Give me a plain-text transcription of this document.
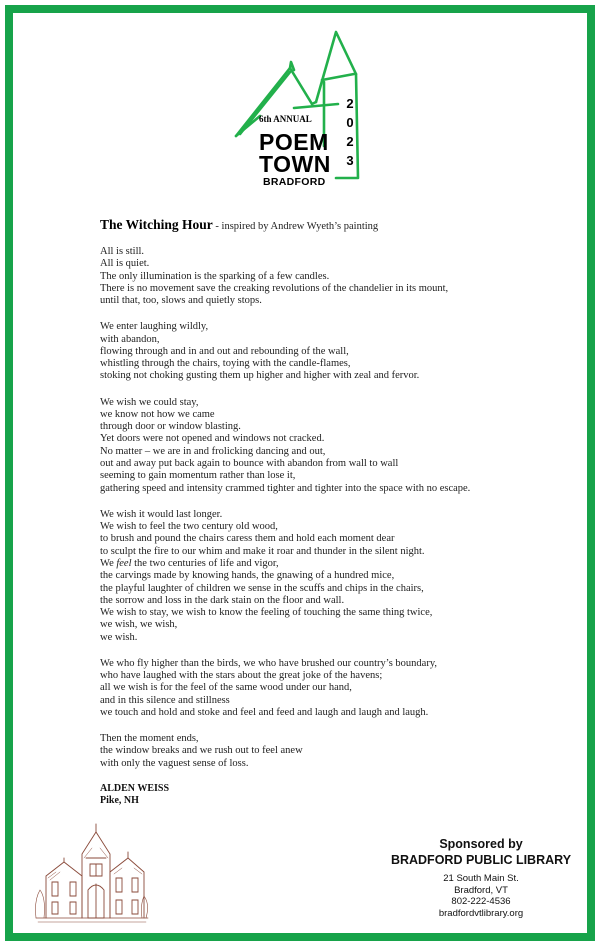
6th ANNUAL
POEM
TOWN
BRADFORD
2
0
2
3
The Witching Hour - inspired by Andrew Wyeth’s painting
All is still.
All is quiet.
The only illumination is the sparking of a few candles.
There is no movement save the creaking revolutions of the chandelier in its mount,
until that, too, slows and quietly stops.
We enter laughing wildly,
with abandon,
flowing through and in and out and rebounding of the wall,
whistling through the chairs, toying with the candle-flames,
stoking not choking gusting them up higher and higher with zeal and fervor.
We wish we could stay,
we know not how we came
through door or window blasting.
Yet doors were not opened and windows not cracked.
No matter – we are in and frolicking dancing and out,
out and away put back again to bounce with abandon from wall to wall
seeming to gain momentum rather than lose it,
gathering speed and intensity crammed tighter and tighter into the space with no escape.
We wish it would last longer.
We wish to feel the two century old wood,
to brush and pound the chairs caress them and hold each moment dear
to sculpt the fire to our whim and make it roar and thunder in the silent night.
We feel the two centuries of life and vigor,
the carvings made by knowing hands, the gnawing of a hundred mice,
the playful laughter of children we sense in the scuffs and chips in the chairs,
the sorrow and loss in the dark stain on the floor and wall.
We wish to stay, we wish to know the feeling of touching the same thing twice,
we wish, we wish,
we wish.
We who fly higher than the birds, we who have brushed our country’s boundary,
who have laughed with the stars about the great joke of the havens;
all we wish is for the feel of the same wood under our hand,
and in this silence and stillness
we touch and hold and stoke and feel and feed and laugh and laugh and laugh.
Then the moment ends,
the window breaks and we rush out to feel anew
with only the vaguest sense of loss.
ALDEN WEISS
Pike, NH
Sponsored by
BRADFORD PUBLIC LIBRARY
21 South Main St.
Bradford, VT
802-222-4536
bradfordvtlibrary.org
